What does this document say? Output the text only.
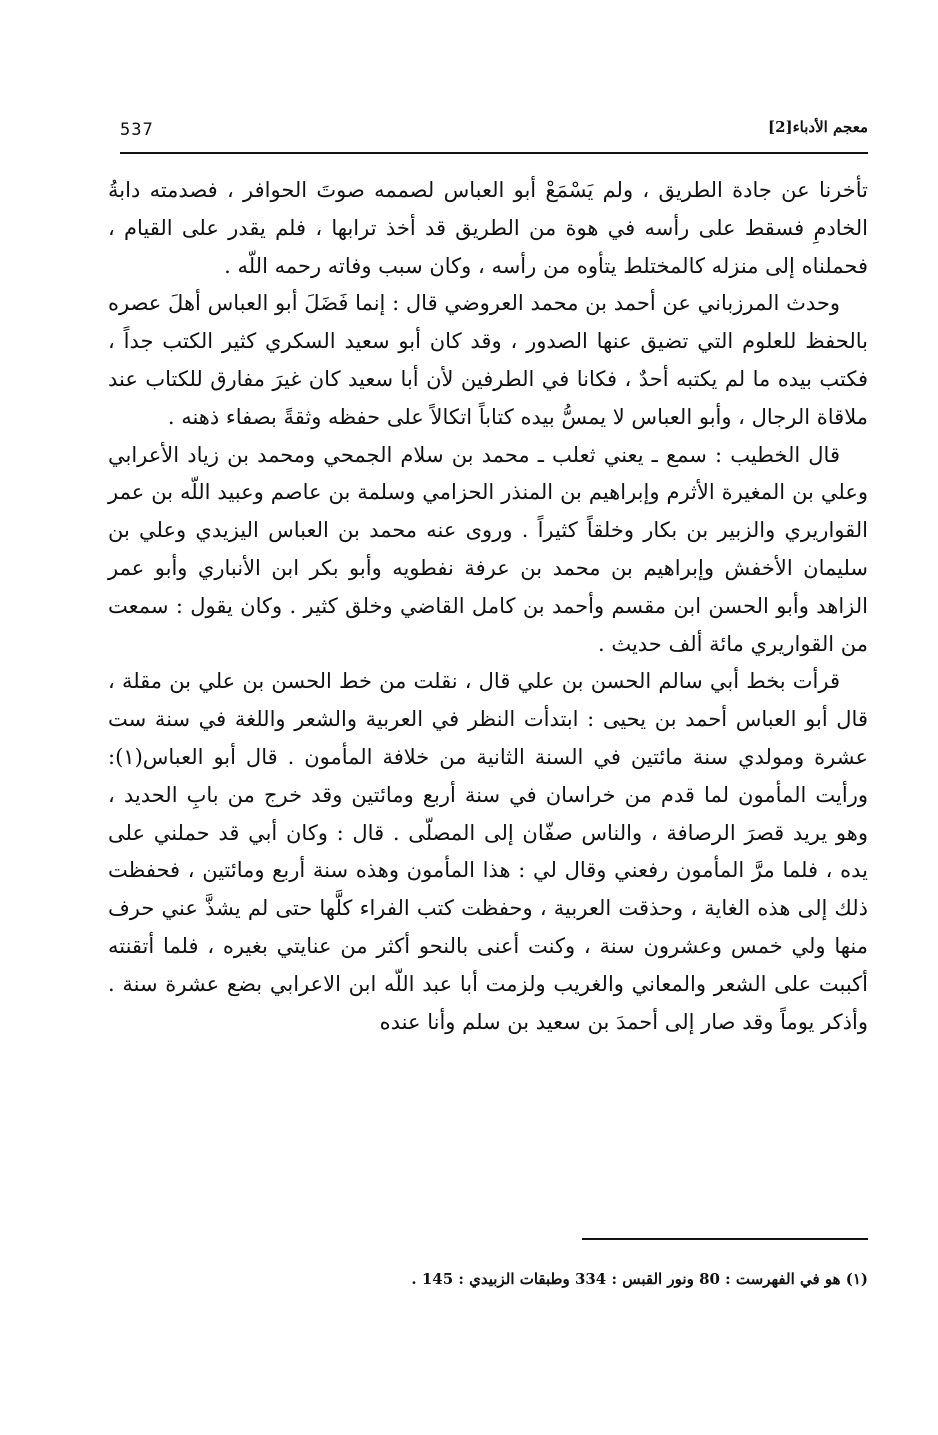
537	معجم الأدباء[2]

تأخرنا عن جادة الطريق ، ولم يَسْمَعْ أبو العباس لصممه صوتَ الحوافر ، فصدمته دابةُ الخادمِ فسقط على رأسه في هوة من الطريق قد أخذ ترابها ، فلم يقدر على القيام ، فحملناه إلى منزله كالمختلط يتأوه من رأسه ، وكان سبب وفاته رحمه اللّه .

وحدث المرزباني عن أحمد بن محمد العروضي قال : إنما فَضَلَ أبو العباس أهلَ عصره بالحفظ للعلوم التي تضيق عنها الصدور ، وقد كان أبو سعيد السكري كثير الكتب جداً ، فكتب بيده ما لم يكتبه أحدٌ ، فكانا في الطرفين لأن أبا سعيد كان غيرَ مفارق للكتاب عند ملاقاة الرجال ، وأبو العباس لا يمسُّ بيده كتاباً اتكالاً على حفظه وثقةً بصفاء ذهنه .

قال الخطيب : سمع ـ يعني ثعلب ـ محمد بن سلام الجمحي ومحمد بن زياد الأعرابي وعلي بن المغيرة الأثرم وإبراهيم بن المنذر الحزامي وسلمة بن عاصم وعبيد اللّه بن عمر القواريري والزبير بن بكار وخلقاً كثيراً . وروى عنه محمد بن العباس اليزيدي وعلي بن سليمان الأخفش وإبراهيم بن محمد بن عرفة نفطويه وأبو بكر ابن الأنباري وأبو عمر الزاهد وأبو الحسن ابن مقسم وأحمد بن كامل القاضي وخلق كثير . وكان يقول : سمعت من القواريري مائة ألف حديث .

قرأت بخط أبي سالم الحسن بن علي قال ، نقلت من خط الحسن بن علي بن مقلة ، قال أبو العباس أحمد بن يحيى : ابتدأت النظر في العربية والشعر واللغة في سنة ست عشرة ومولدي سنة مائتين في السنة الثانية من خلافة المأمون . قال أبو العباس(١): ورأيت المأمون لما قدم من خراسان في سنة أربع ومائتين وقد خرج من بابِ الحديد ، وهو يريد قصرَ الرصافة ، والناس صفّان إلى المصلّى . قال : وكان أبي قد حملني على يده ، فلما مرَّ المأمون رفعني وقال لي : هذا المأمون وهذه سنة أربع ومائتين ، فحفظت ذلك إلى هذه الغاية ، وحذقت العربية ، وحفظت كتب الفراء كلَّها حتى لم يشذَّ عني حرف منها ولي خمس وعشرون سنة ، وكنت أعنى بالنحو أكثر من عنايتي بغيره ، فلما أتقنته أكببت على الشعر والمعاني والغريب ولزمت أبا عبد اللّه ابن الاعرابي بضع عشرة سنة . وأذكر يوماً وقد صار إلى أحمدَ بن سعيد بن سلم وأنا عنده

(١) هو في الفهرست : 80 ونور القبس : 334 وطبقات الزبيدي : 145 .
